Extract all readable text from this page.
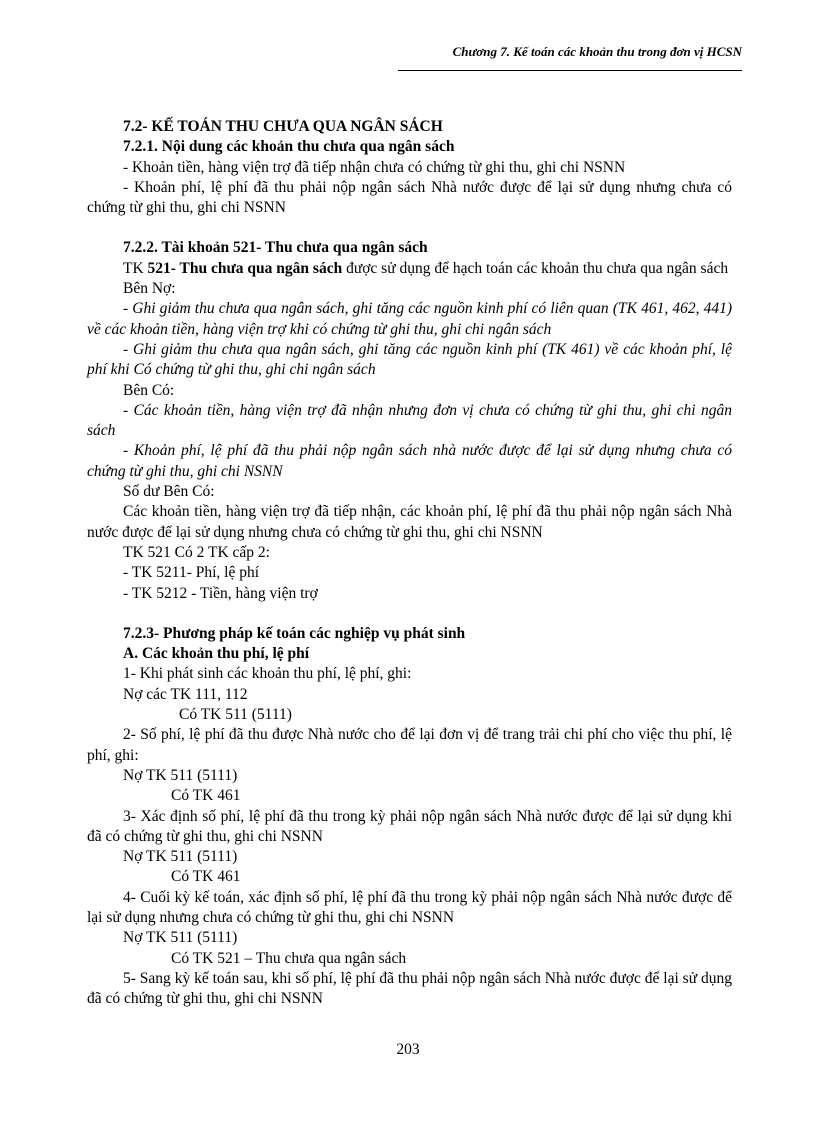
Chương 7. Kế toán các khoản thu trong đơn vị HCSN

7.2- KẾ TOÁN THU CHƯA QUA NGÂN SÁCH

7.2.1. Nội dung các khoản thu chưa qua ngân sách

- Khoản tiền, hàng viện trợ đã tiếp nhận chưa có chứng từ ghi thu, ghi chi NSNN

- Khoản phí, lệ phí đã thu phải nộp ngân sách Nhà nước được để lại sử dụng nhưng chưa có chứng từ ghi thu, ghi chi NSNN

7.2.2. Tài khoản 521- Thu chưa qua ngân sách

TK 521- Thu chưa qua ngân sách được sử dụng để hạch toán các khoản thu chưa qua ngân sách

Bên Nợ:

- Ghi giảm thu chưa qua ngân sách, ghi tăng các nguồn kinh phí có liên quan (TK 461, 462, 441) về các khoản tiền, hàng viện trợ khi có chứng từ ghi thu, ghi chi ngân sách

- Ghi giảm thu chưa qua ngân sách, ghi tăng các nguồn kinh phí (TK 461) về các khoản phí, lệ phí khi Có chứng từ ghi thu, ghi chi ngân sách

Bên Có:

- Các khoản tiền, hàng viện trợ đã nhận nhưng đơn vị chưa có chứng từ ghi thu, ghi chi ngân sách

- Khoản phí, lệ phí đã thu phải nộp ngân sách nhà nước được để lại sử dụng nhưng chưa có chứng từ ghi thu, ghi chi NSNN

Số dư Bên Có:

Các khoản tiền, hàng viện trợ đã tiếp nhận, các khoản phí, lệ phí đã thu phải nộp ngân sách Nhà nước được để lại sử dụng nhưng chưa có chứng từ ghi thu, ghi chi NSNN

TK 521 Có 2 TK cấp 2:

- TK 5211- Phí, lệ phí

- TK 5212 - Tiền, hàng viện trợ

7.2.3- Phương pháp kế toán các nghiệp vụ phát sinh

A. Các khoản thu phí, lệ phí

1- Khi phát sinh các khoản thu phí, lệ phí, ghi:

Nợ các TK 111, 112

Có TK 511 (5111)

2- Số phí, lệ phí đã thu được Nhà nước cho để lại đơn vị để trang trải chi phí cho việc thu phí, lệ phí, ghi:

Nợ TK 511 (5111)

Có TK 461

3- Xác định số phí, lệ phí đã thu trong kỳ phải nộp ngân sách Nhà nước được để lại sử dụng khi đã có chứng từ ghi thu, ghi chi NSNN

Nợ TK 511 (5111)

Có TK 461

4- Cuối kỳ kế toán, xác định số phí, lệ phí đã thu trong kỳ phải nộp ngân sách Nhà nước được để lại sử dụng nhưng chưa có chứng từ ghi thu, ghi chi NSNN

Nợ TK 511 (5111)

Có TK 521 – Thu chưa qua ngân sách

5- Sang kỳ kế toán sau, khi số phí, lệ phí đã thu phải nộp ngân sách Nhà nước được để lại sử dụng đã có chứng từ ghi thu, ghi chi NSNN

203
